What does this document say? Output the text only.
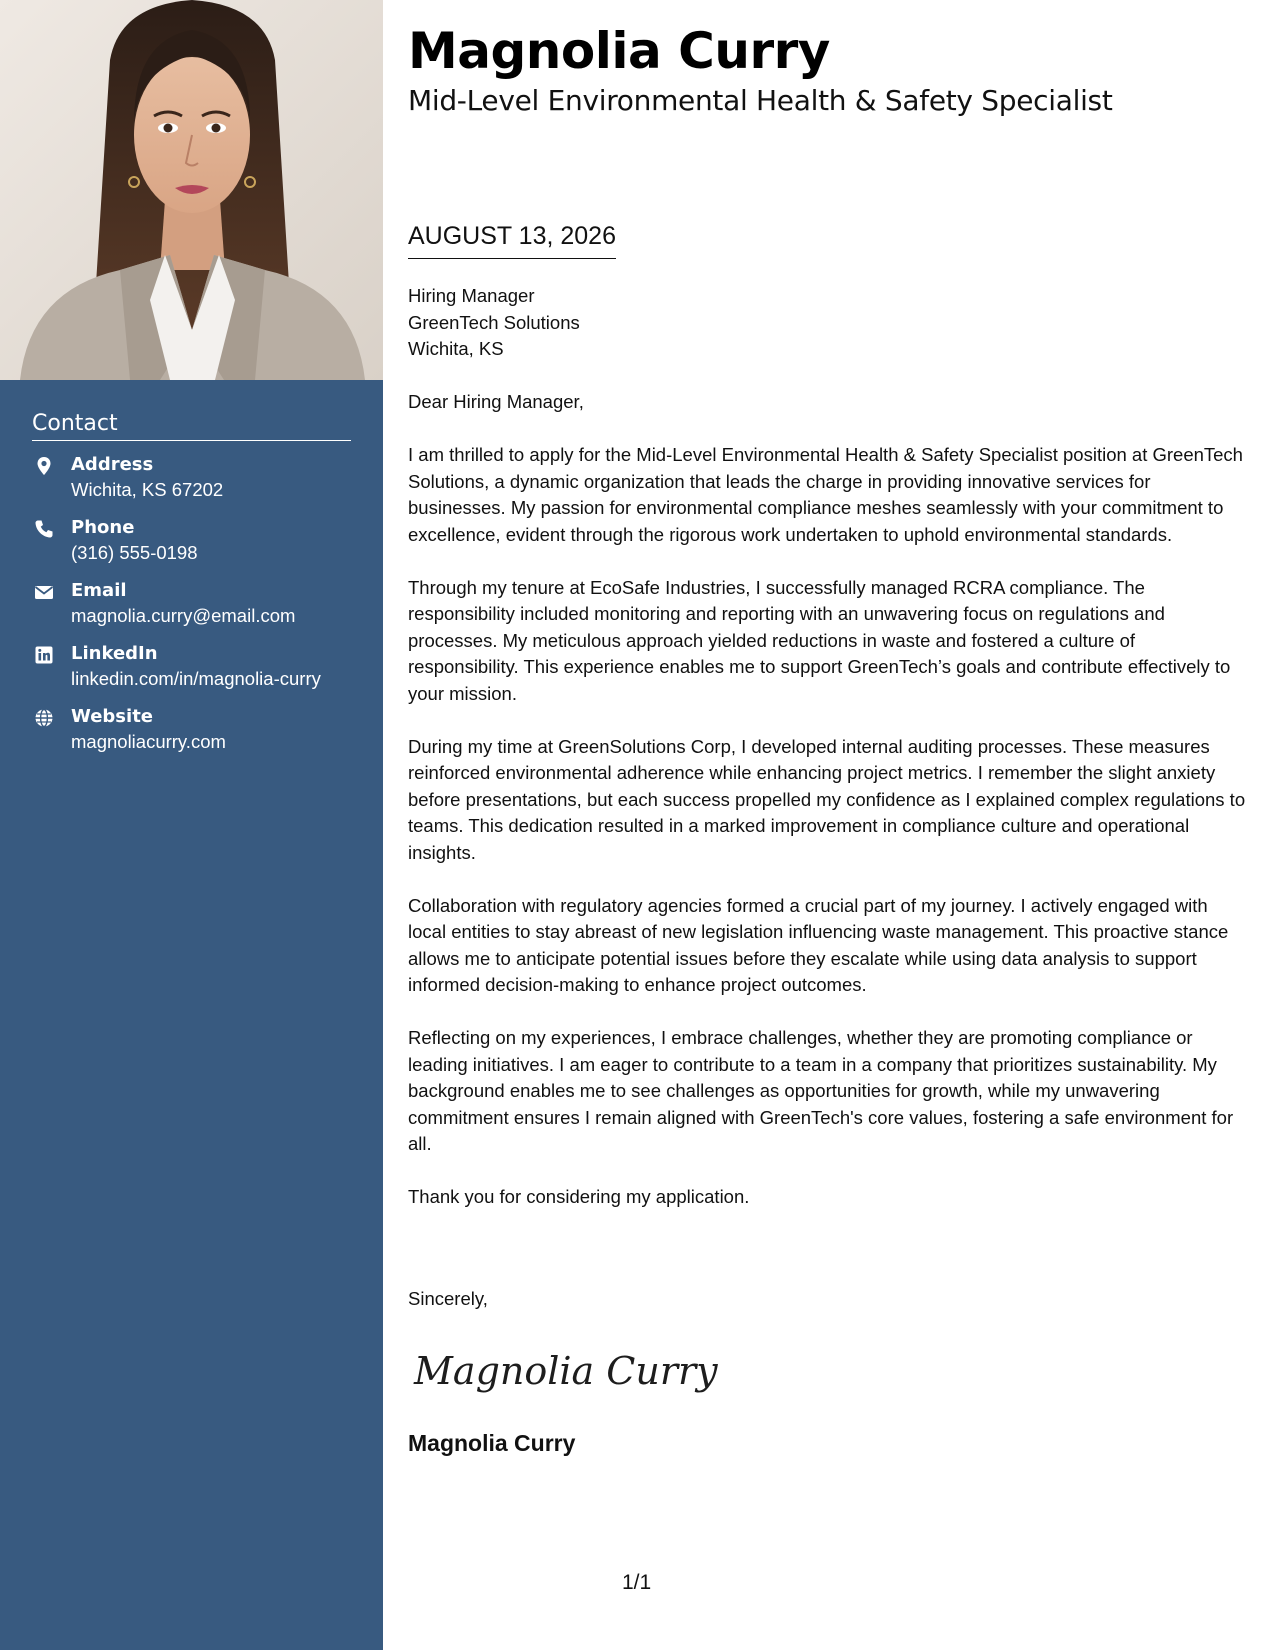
Contact
Address
Wichita, KS 67202
Phone
(316) 555-0198
Email
magnolia.curry@email.com
LinkedIn
linkedin.com/in/magnolia-curry
Website
magnoliacurry.com
Magnolia Curry
Mid-Level Environmental Health & Safety Specialist
AUGUST 13, 2026
Hiring Manager
GreenTech Solutions
Wichita, KS

Dear Hiring Manager,

I am thrilled to apply for the Mid-Level Environmental Health & Safety Specialist position at GreenTech Solutions, a dynamic organization that leads the charge in providing innovative services for businesses. My passion for environmental compliance meshes seamlessly with your commitment to excellence, evident through the rigorous work undertaken to uphold environmental standards.

Through my tenure at EcoSafe Industries, I successfully managed RCRA compliance. The responsibility included monitoring and reporting with an unwavering focus on regulations and processes. My meticulous approach yielded reductions in waste and fostered a culture of responsibility. This experience enables me to support GreenTech’s goals and contribute effectively to your mission.

During my time at GreenSolutions Corp, I developed internal auditing processes. These measures reinforced environmental adherence while enhancing project metrics. I remember the slight anxiety before presentations, but each success propelled my confidence as I explained complex regulations to teams. This dedication resulted in a marked improvement in compliance culture and operational insights.

Collaboration with regulatory agencies formed a crucial part of my journey. I actively engaged with local entities to stay abreast of new legislation influencing waste management. This proactive stance allows me to anticipate potential issues before they escalate while using data analysis to support informed decision-making to enhance project outcomes.

Reflecting on my experiences, I embrace challenges, whether they are promoting compliance or leading initiatives. I am eager to contribute to a team in a company that prioritizes sustainability. My background enables me to see challenges as opportunities for growth, while my unwavering commitment ensures I remain aligned with GreenTech's core values, fostering a safe environment for all.

Thank you for considering my application.

Sincerely,
Magnolia Curry
Magnolia Curry
1/1
